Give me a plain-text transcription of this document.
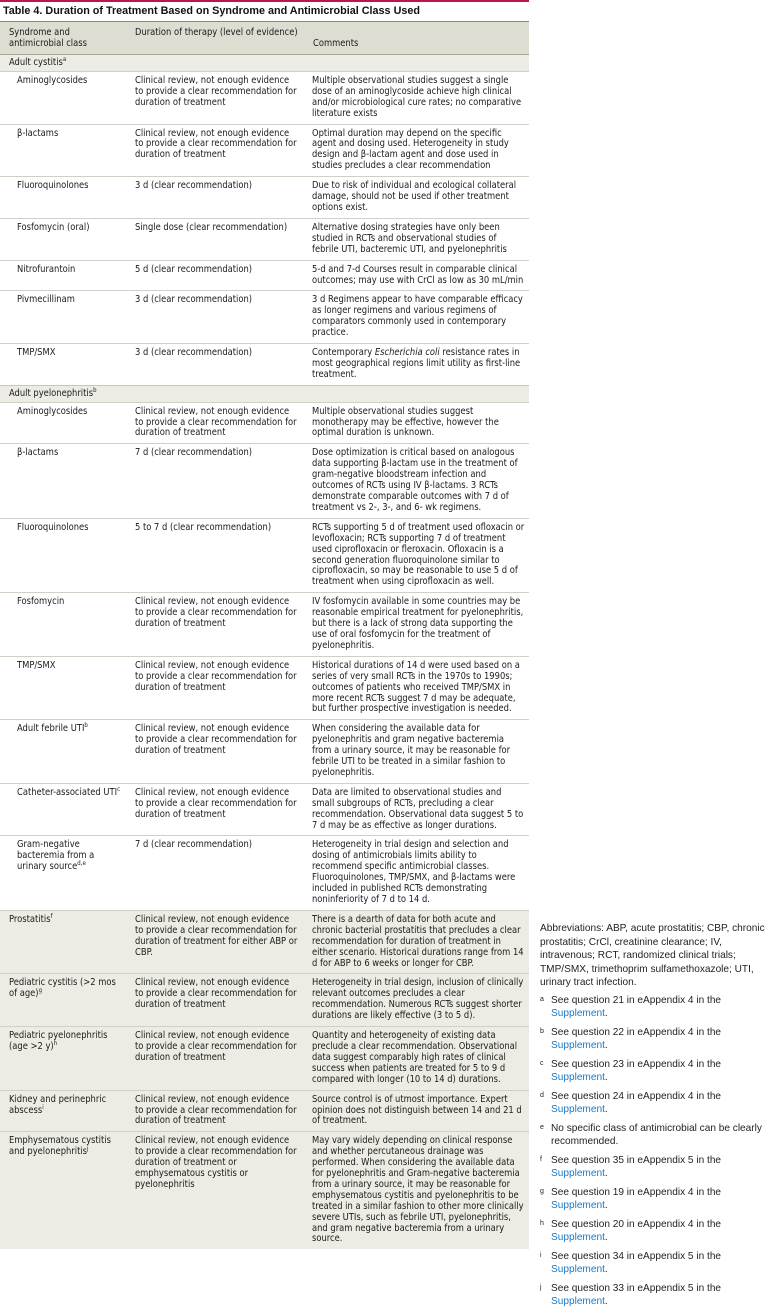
Table 4. Duration of Treatment Based on Syndrome and Antimicrobial Class Used
Syndrome and antimicrobial class	Duration of therapy (level of evidence)	Comments
Adult cystitis$^a$
Aminoglycosides	Clinical review, not enough evidence to provide a clear recommendation for duration of treatment	Multiple observational studies suggest a single dose of an aminoglycoside achieve high clinical and/or microbiological cure rates; no comparative literature exists
β-lactams	Clinical review, not enough evidence to provide a clear recommendation for duration of treatment	Optimal duration may depend on the specific agent and dosing used. Heterogeneity in study design and β-lactam agent and dose used in studies precludes a clear recommendation
Fluoroquinolones	3 d (clear recommendation)	Due to risk of individual and ecological collateral damage, should not be used if other treatment options exist.
Fosfomycin (oral)	Single dose (clear recommendation)	Alternative dosing strategies have only been studied in RCTs and observational studies of febrile UTI, bacteremic UTI, and pyelonephritis
Nitrofurantoin	5 d (clear recommendation)	5-d and 7-d Courses result in comparable clinical outcomes; may use with CrCl as low as 30 mL/min
Pivmecillinam	3 d (clear recommendation)	3 d Regimens appear to have comparable efficacy as longer regimens and various regimens of comparators commonly used in contemporary practice.
TMP/SMX	3 d (clear recommendation)	Contemporary Escherichia coli resistance rates in most geographical regions limit utility as first-line treatment.
Adult pyelonephritis$^b$
Aminoglycosides	Clinical review, not enough evidence to provide a clear recommendation for duration of treatment	Multiple observational studies suggest monotherapy may be effective, however the optimal duration is unknown.
β-lactams	7 d (clear recommendation)	Dose optimization is critical based on analogous data supporting β-lactam use in the treatment of gram-negative bloodstream infection and outcomes of RCTs using IV β-lactams. 3 RCTs demonstrate comparable outcomes with 7 d of treatment vs 2-, 3-, and 6- wk regimens.
Fluoroquinolones	5 to 7 d (clear recommendation)	RCTs supporting 5 d of treatment used ofloxacin or levofloxacin; RCTs supporting 7 d of treatment used ciprofloxacin or fleroxacin. Ofloxacin is a second generation fluoroquinolone similar to ciprofloxacin, so may be reasonable to use 5 d of treatment when using ciprofloxacin as well.
Fosfomycin	Clinical review, not enough evidence to provide a clear recommendation for duration of treatment	IV fosfomycin available in some countries may be reasonable empirical treatment for pyelonephritis, but there is a lack of strong data supporting the use of oral fosfomycin for the treatment of pyelonephritis.
TMP/SMX	Clinical review, not enough evidence to provide a clear recommendation for duration of treatment	Historical durations of 14 d were used based on a series of very small RCTs in the 1970s to 1990s; outcomes of patients who received TMP/SMX in more recent RCTs suggest 7 d may be adequate, but further prospective investigation is needed.
Adult febrile UTI$^b$	Clinical review, not enough evidence to provide a clear recommendation for duration of treatment	When considering the available data for pyelonephritis and gram negative bacteremia from a urinary source, it may be reasonable for febrile UTI to be treated in a similar fashion to pyelonephritis.
Catheter-associated UTI$^c$	Clinical review, not enough evidence to provide a clear recommendation for duration of treatment	Data are limited to observational studies and small subgroups of RCTs, precluding a clear recommendation. Observational data suggest 5 to 7 d may be as effective as longer durations.
Gram-negative bacteremia from a urinary source$^{d,e}$	7 d (clear recommendation)	Heterogeneity in trial design and selection and dosing of antimicrobials limits ability to recommend specific antimicrobial classes. Fluoroquinolones, TMP/SMX, and β-lactams were included in published RCTs demonstrating noninferiority of 7 d to 14 d.
Prostatitis$^f$	Clinical review, not enough evidence to provide a clear recommendation for duration of treatment for either ABP or CBP.	There is a dearth of data for both acute and chronic bacterial prostatitis that precludes a clear recommendation for duration of treatment in either scenario. Historical durations range from 14 d for ABP to 6 weeks or longer for CBP.
Pediatric cystitis (>2 mos of age)$^g$	Clinical review, not enough evidence to provide a clear recommendation for duration of treatment	Heterogeneity in trial design, inclusion of clinically relevant outcomes precludes a clear recommendation. Numerous RCTs suggest shorter durations are likely effective (3 to 5 d).
Pediatric pyelonephritis (age >2 y)$^h$	Clinical review, not enough evidence to provide a clear recommendation for duration of treatment	Quantity and heterogeneity of existing data preclude a clear recommendation. Observational data suggest comparably high rates of clinical success when patients are treated for 5 to 9 d compared with longer (10 to 14 d) durations.
Kidney and perinephric abscess$^i$	Clinical review, not enough evidence to provide a clear recommendation for duration of treatment	Source control is of utmost importance. Expert opinion does not distinguish between 14 and 21 d of treatment.
Emphysematous cystitis and pyelonephritis$^j$	Clinical review, not enough evidence to provide a clear recommendation for duration of treatment or emphysematous cystitis or pyelonephritis	May vary widely depending on clinical response and whether percutaneous drainage was performed. When considering the available data for pyelonephritis and Gram-negative bacteremia from a urinary source, it may be reasonable for emphysematous cystitis and pyelonephritis to be treated in a similar fashion to other more clinically severe UTIs, such as febrile UTI, pyelonephritis, and gram negative bacteremia from a urinary source.

Abbreviations: ABP, acute prostatitis; CBP, chronic prostatitis; CrCl, creatinine clearance; IV, intravenous; RCT, randomized clinical trials; TMP/SMX, trimethoprim sulfamethoxazole; UTI, urinary tract infection.

a See question 21 in eAppendix 4 in the Supplement.

b See question 22 in eAppendix 4 in the Supplement.

c See question 23 in eAppendix 4 in the Supplement.

d See question 24 in eAppendix 4 in the Supplement.

e No specific class of antimicrobial can be clearly recommended.

f See question 35 in eAppendix 5 in the Supplement.

g See question 19 in eAppendix 4 in the Supplement.

h See question 20 in eAppendix 4 in the Supplement.

i See question 34 in eAppendix 5 in the Supplement.

j See question 33 in eAppendix 5 in the Supplement.
